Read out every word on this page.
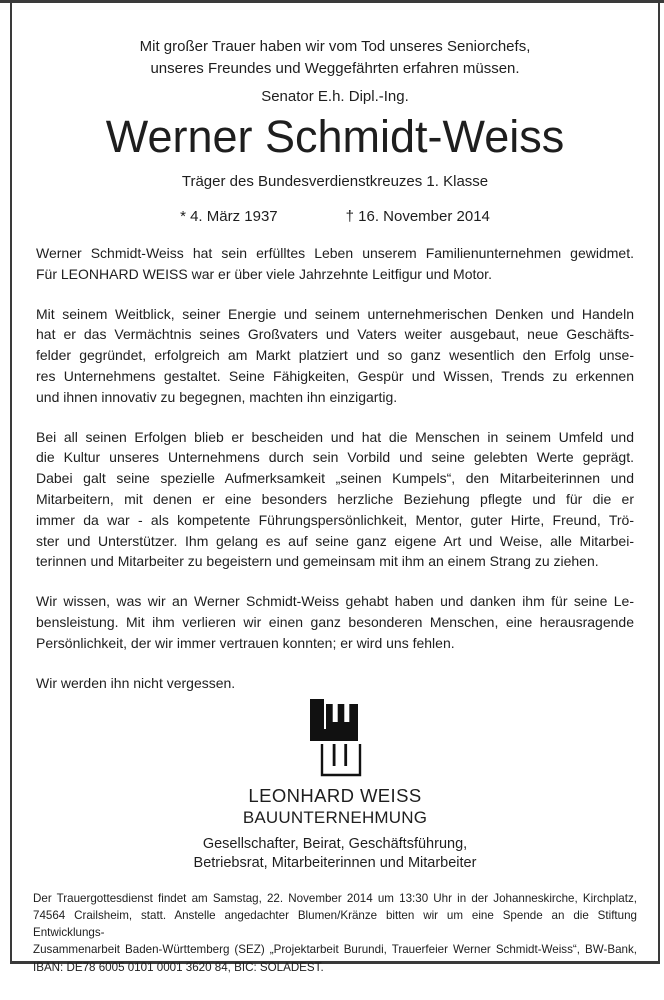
Mit großer Trauer haben wir vom Tod unseres Seniorchefs,
unseres Freundes und Weggefährten erfahren müssen.
Senator E.h. Dipl.-Ing.
Werner Schmidt-Weiss
Träger des Bundesverdienstkreuzes 1. Klasse
* 4. März 1937	† 16. November 2014
Werner Schmidt-Weiss hat sein erfülltes Leben unserem Familienunternehmen gewidmet.
Für LEONHARD WEISS war er über viele Jahrzehnte Leitfigur und Motor.
Mit seinem Weitblick, seiner Energie und seinem unternehmerischen Denken und Handeln
hat er das Vermächtnis seines Großvaters und Vaters weiter ausgebaut, neue Geschäfts-
felder gegründet, erfolgreich am Markt platziert und so ganz wesentlich den Erfolg unse-
res Unternehmens gestaltet. Seine Fähigkeiten, Gespür und Wissen, Trends zu erkennen
und ihnen innovativ zu begegnen, machten ihn einzigartig.
Bei all seinen Erfolgen blieb er bescheiden und hat die Menschen in seinem Umfeld und
die Kultur unseres Unternehmens durch sein Vorbild und seine gelebten Werte geprägt.
Dabei galt seine spezielle Aufmerksamkeit „seinen Kumpels“, den Mitarbeiterinnen und
Mitarbeitern, mit denen er eine besonders herzliche Beziehung pflegte und für die er
immer da war - als kompetente Führungspersönlichkeit, Mentor, guter Hirte, Freund, Trö-
ster und Unterstützer. Ihm gelang es auf seine ganz eigene Art und Weise, alle Mitarbei-
terinnen und Mitarbeiter zu begeistern und gemeinsam mit ihm an einem Strang zu ziehen.
Wir wissen, was wir an Werner Schmidt-Weiss gehabt haben und danken ihm für seine Le-
bensleistung. Mit ihm verlieren wir einen ganz besonderen Menschen, eine herausragende
Persönlichkeit, der wir immer vertrauen konnten; er wird uns fehlen.
Wir werden ihn nicht vergessen.
LEONHARD WEISS
BAUUNTERNEHMUNG
Gesellschafter, Beirat, Geschäftsführung,
Betriebsrat, Mitarbeiterinnen und Mitarbeiter
Der Trauergottesdienst findet am Samstag, 22. November 2014 um 13:30 Uhr in der Johanneskirche, Kirchplatz,
74564 Crailsheim, statt. Anstelle angedachter Blumen/Kränze bitten wir um eine Spende an die Stiftung Entwicklungs-
Zusammenarbeit Baden-Württemberg (SEZ) „Projektarbeit Burundi, Trauerfeier Werner Schmidt-Weiss“, BW-Bank,
IBAN: DE78 6005 0101 0001 3620 84, BIC: SOLADEST.
